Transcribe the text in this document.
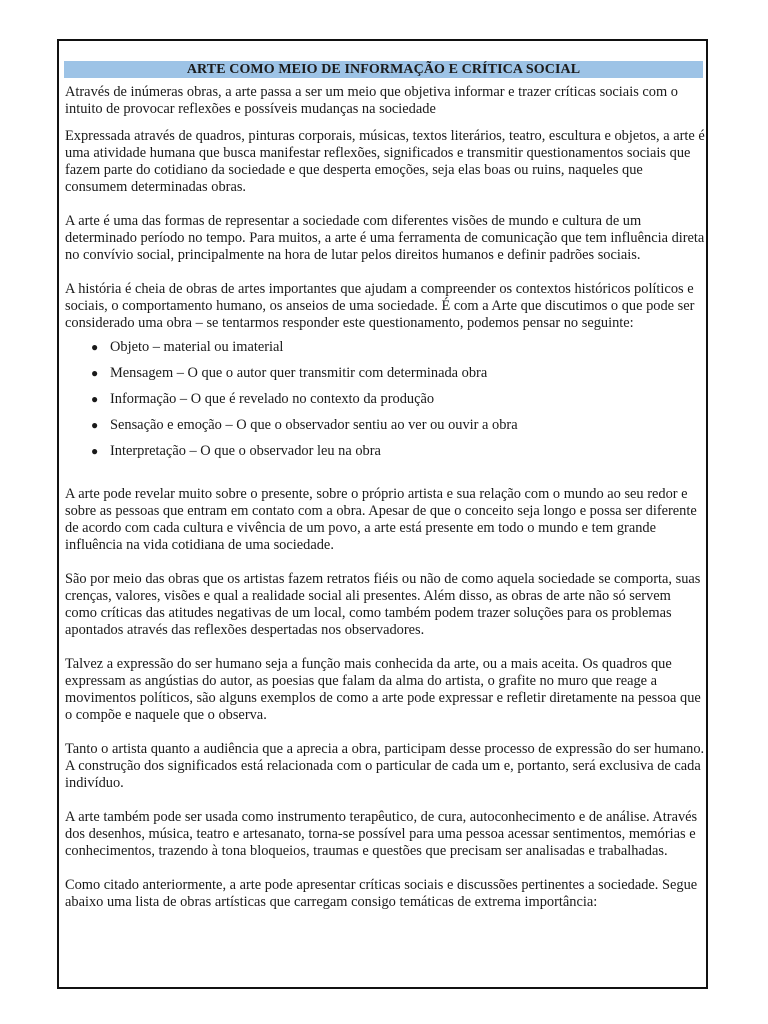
ARTE COMO MEIO DE INFORMAÇÃO E CRÍTICA SOCIAL

Através de inúmeras obras, a arte passa a ser um meio que objetiva informar e trazer críticas sociais com o intuito de provocar reflexões e possíveis mudanças na sociedade

Expressada através de quadros, pinturas corporais, músicas, textos literários, teatro, escultura e objetos, a arte é uma atividade humana que busca manifestar reflexões, significados e transmitir questionamentos sociais que fazem parte do cotidiano da sociedade e que desperta emoções, seja elas boas ou ruins, naqueles que consumem determinadas obras.

A arte é uma das formas de representar a sociedade com diferentes visões de mundo e cultura de um determinado período no tempo. Para muitos, a arte é uma ferramenta de comunicação que tem influência direta no convívio social, principalmente na hora de lutar pelos direitos humanos e definir padrões sociais.

A história é cheia de obras de artes importantes que ajudam a compreender os contextos históricos políticos e sociais, o comportamento humano, os anseios de uma sociedade. É com a Arte que discutimos o que pode ser considerado uma obra – se tentarmos responder este questionamento, podemos pensar no seguinte:

● Objeto – material ou imaterial
● Mensagem – O que o autor quer transmitir com determinada obra
● Informação – O que é revelado no contexto da produção
● Sensação e emoção – O que o observador sentiu ao ver ou ouvir a obra
● Interpretação – O que o observador leu na obra

A arte pode revelar muito sobre o presente, sobre o próprio artista e sua relação com o mundo ao seu redor e sobre as pessoas que entram em contato com a obra. Apesar de que o conceito seja longo e possa ser diferente de acordo com cada cultura e vivência de um povo, a arte está presente em todo o mundo e tem grande influência na vida cotidiana de uma sociedade.

São por meio das obras que os artistas fazem retratos fiéis ou não de como aquela sociedade se comporta, suas crenças, valores, visões e qual a realidade social ali presentes. Além disso, as obras de arte não só servem como críticas das atitudes negativas de um local, como também podem trazer soluções para os problemas apontados através das reflexões despertadas nos observadores.

Talvez a expressão do ser humano seja a função mais conhecida da arte, ou a mais aceita. Os quadros que expressam as angústias do autor, as poesias que falam da alma do artista, o grafite no muro que reage a movimentos políticos, são alguns exemplos de como a arte pode expressar e refletir diretamente na pessoa que o compõe e naquele que o observa.

Tanto o artista quanto a audiência que a aprecia a obra, participam desse processo de expressão do ser humano. A construção dos significados está relacionada com o particular de cada um e, portanto, será exclusiva de cada indivíduo.

A arte também pode ser usada como instrumento terapêutico, de cura, autoconhecimento e de análise. Através dos desenhos, música, teatro e artesanato, torna-se possível para uma pessoa acessar sentimentos, memórias e conhecimentos, trazendo à tona bloqueios, traumas e questões que precisam ser analisadas e trabalhadas.

Como citado anteriormente, a arte pode apresentar críticas sociais e discussões pertinentes a sociedade. Segue abaixo uma lista de obras artísticas que carregam consigo temáticas de extrema importância:
